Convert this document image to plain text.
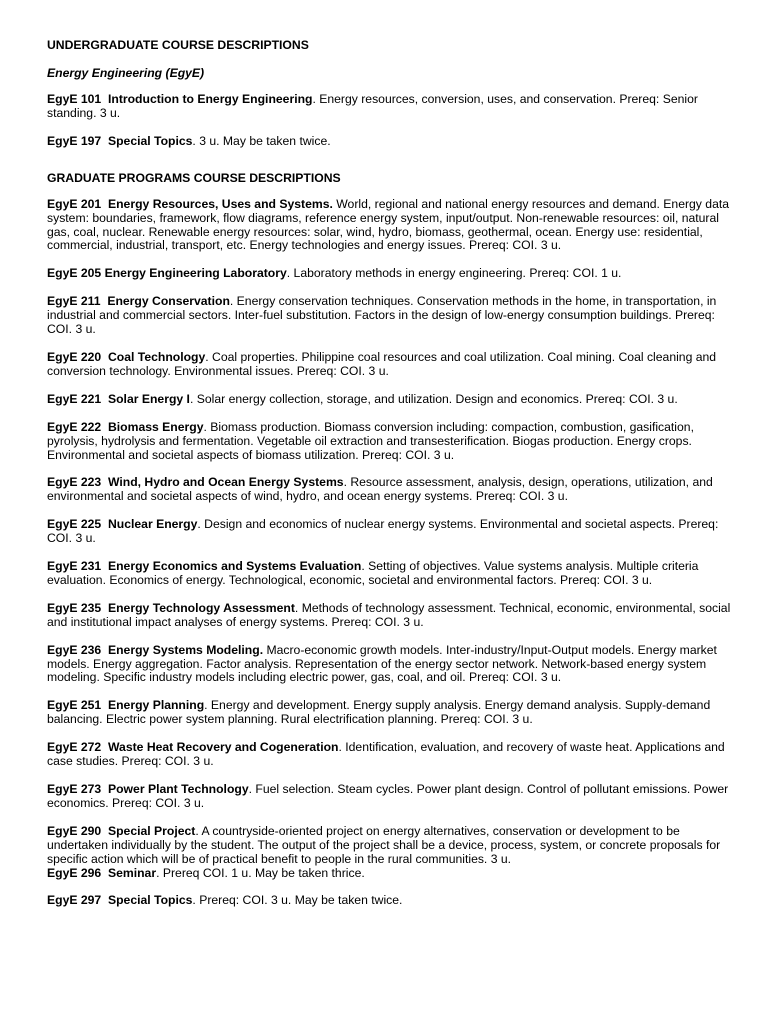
UNDERGRADUATE COURSE DESCRIPTIONS

Energy Engineering (EgyE)

EgyE 101 Introduction to Energy Engineering. Energy resources, conversion, uses, and conservation. Prereq: Senior standing. 3 u.

EgyE 197 Special Topics. 3 u. May be taken twice.

GRADUATE PROGRAMS COURSE DESCRIPTIONS

EgyE 201 Energy Resources, Uses and Systems. World, regional and national energy resources and demand. Energy data system: boundaries, framework, flow diagrams, reference energy system, input/output. Non-renewable resources: oil, natural gas, coal, nuclear. Renewable energy resources: solar, wind, hydro, biomass, geothermal, ocean. Energy use: residential, commercial, industrial, transport, etc. Energy technologies and energy issues. Prereq: COI. 3 u.

EgyE 205 Energy Engineering Laboratory. Laboratory methods in energy engineering. Prereq: COI. 1 u.

EgyE 211 Energy Conservation. Energy conservation techniques. Conservation methods in the home, in transportation, in industrial and commercial sectors. Inter-fuel substitution. Factors in the design of low-energy consumption buildings. Prereq: COI. 3 u.

EgyE 220 Coal Technology. Coal properties. Philippine coal resources and coal utilization. Coal mining. Coal cleaning and conversion technology. Environmental issues. Prereq: COI. 3 u.

EgyE 221 Solar Energy I. Solar energy collection, storage, and utilization. Design and economics. Prereq: COI. 3 u.

EgyE 222 Biomass Energy. Biomass production. Biomass conversion including: compaction, combustion, gasification, pyrolysis, hydrolysis and fermentation. Vegetable oil extraction and transesterification. Biogas production. Energy crops. Environmental and societal aspects of biomass utilization. Prereq: COI. 3 u.

EgyE 223 Wind, Hydro and Ocean Energy Systems. Resource assessment, analysis, design, operations, utilization, and environmental and societal aspects of wind, hydro, and ocean energy systems. Prereq: COI. 3 u.

EgyE 225 Nuclear Energy. Design and economics of nuclear energy systems. Environmental and societal aspects. Prereq: COI. 3 u.

EgyE 231 Energy Economics and Systems Evaluation. Setting of objectives. Value systems analysis. Multiple criteria evaluation. Economics of energy. Technological, economic, societal and environmental factors. Prereq: COI. 3 u.

EgyE 235 Energy Technology Assessment. Methods of technology assessment. Technical, economic, environmental, social and institutional impact analyses of energy systems. Prereq: COI. 3 u.

EgyE 236 Energy Systems Modeling. Macro-economic growth models. Inter-industry/Input-Output models. Energy market models. Energy aggregation. Factor analysis. Representation of the energy sector network. Network-based energy system modeling. Specific industry models including electric power, gas, coal, and oil. Prereq: COI. 3 u.

EgyE 251 Energy Planning. Energy and development. Energy supply analysis. Energy demand analysis. Supply-demand balancing. Electric power system planning. Rural electrification planning. Prereq: COI. 3 u.

EgyE 272 Waste Heat Recovery and Cogeneration. Identification, evaluation, and recovery of waste heat. Applications and case studies. Prereq: COI. 3 u.

EgyE 273 Power Plant Technology. Fuel selection. Steam cycles. Power plant design. Control of pollutant emissions. Power economics. Prereq: COI. 3 u.

EgyE 290 Special Project. A countryside-oriented project on energy alternatives, conservation or development to be undertaken individually by the student. The output of the project shall be a device, process, system, or concrete proposals for specific action which will be of practical benefit to people in the rural communities. 3 u.

EgyE 296 Seminar. Prereq COI. 1 u. May be taken thrice.

EgyE 297 Special Topics. Prereq: COI. 3 u. May be taken twice.
